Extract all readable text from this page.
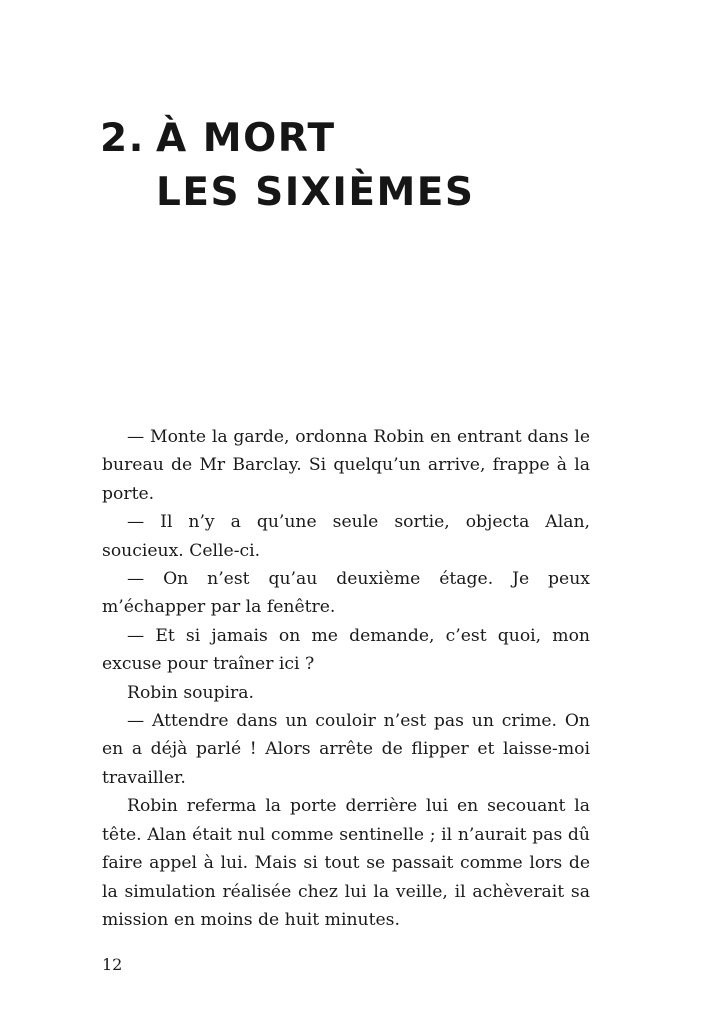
2. À MORT
LES SIXIÈMES

— Monte la garde, ordonna Robin en entrant dans le bureau de Mr Barclay. Si quelqu’un arrive, frappe à la porte.

— Il n’y a qu’une seule sortie, objecta Alan, soucieux. Celle-ci.

— On n’est qu’au deuxième étage. Je peux m’échapper par la fenêtre.

— Et si jamais on me demande, c’est quoi, mon excuse pour traîner ici ?

Robin soupira.

— Attendre dans un couloir n’est pas un crime. On en a déjà parlé ! Alors arrête de flipper et laisse-moi travailler.

Robin referma la porte derrière lui en secouant la tête. Alan était nul comme sentinelle ; il n’aurait pas dû faire appel à lui. Mais si tout se passait comme lors de la simulation réalisée chez lui la veille, il achèverait sa mission en moins de huit minutes.

12
